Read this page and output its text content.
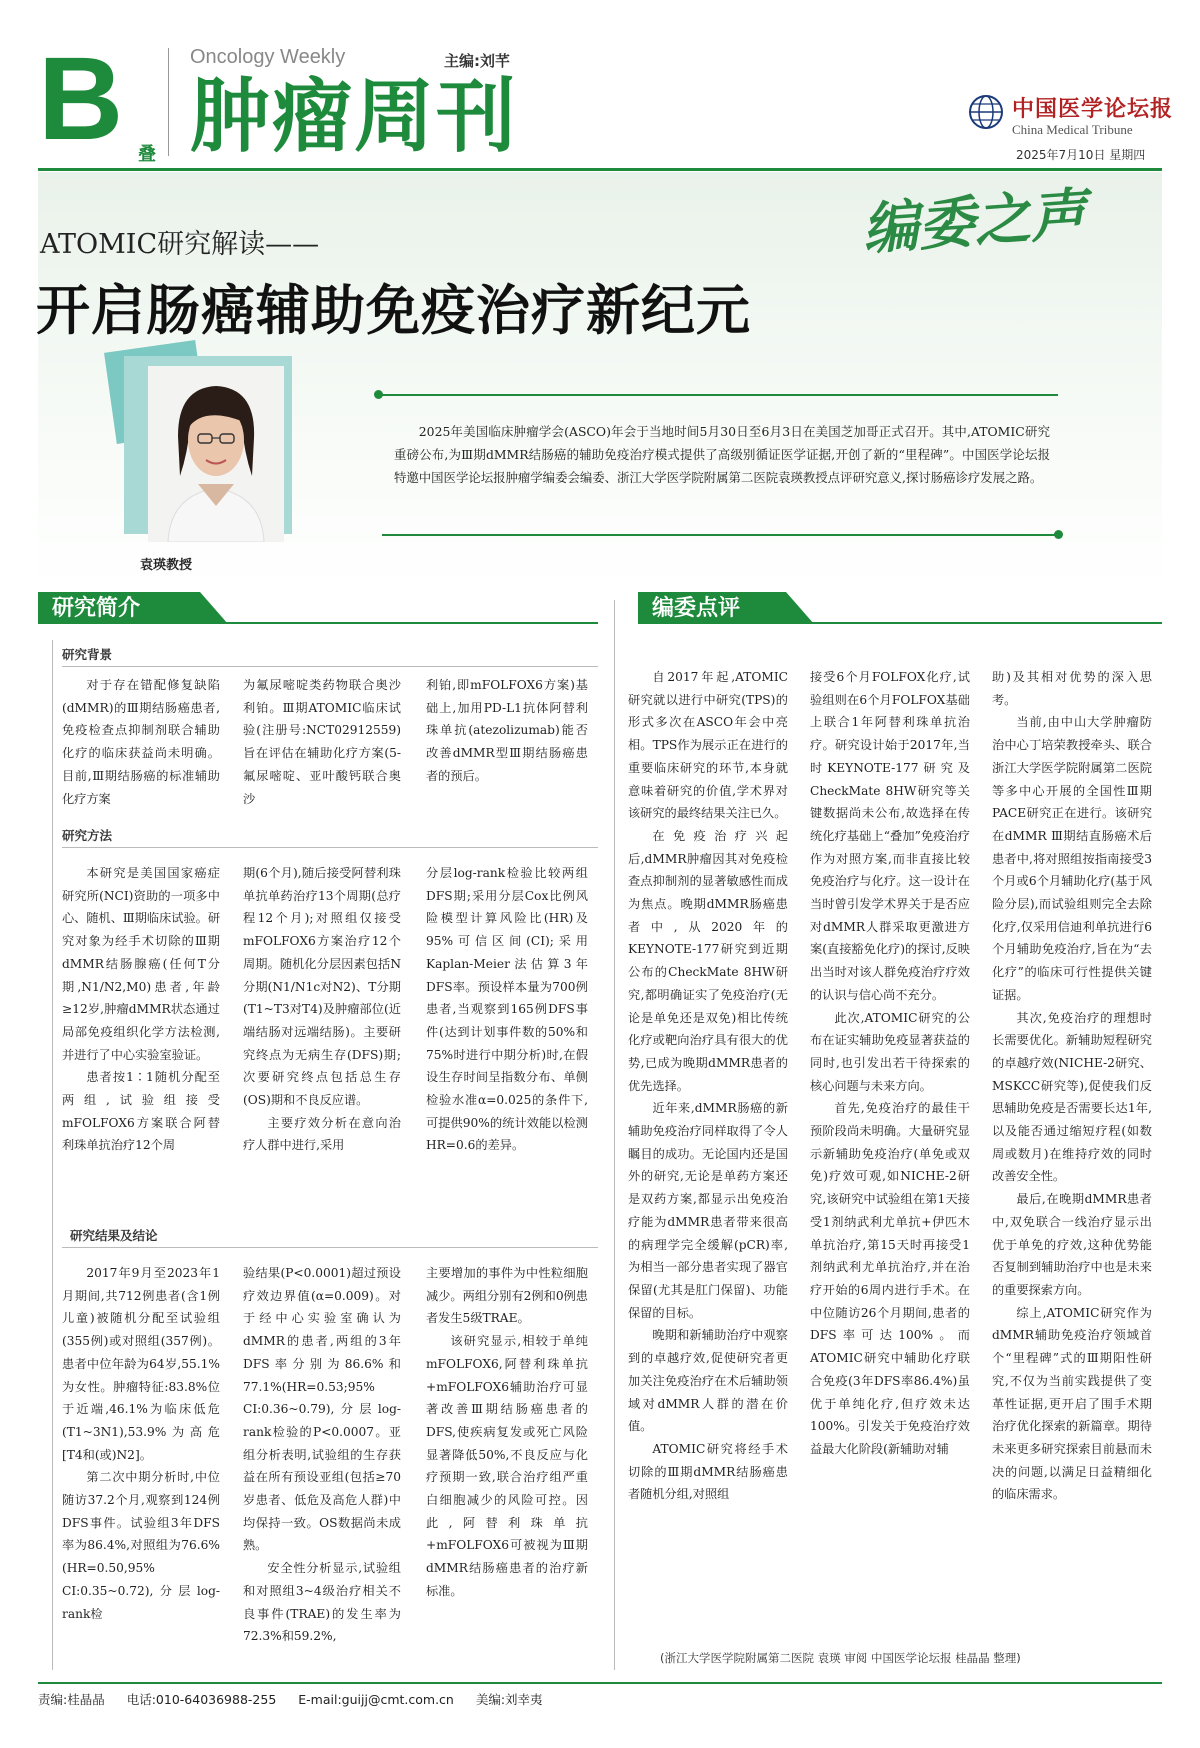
B 叠
Oncology Weekly
肿瘤周刊
主编:刘芊
中国医学论坛报
China Medical Tribune
2025年7月10日 星期四
编委之声
ATOMIC研究解读——
开启肠癌辅助免疫治疗新纪元
袁瑛教授
2025年美国临床肿瘤学会(ASCO)年会于当地时间5月30日至6月3日在美国芝加哥正式召开。其中,ATOMIC研究重磅公布,为Ⅲ期dMMR结肠癌的辅助免疫治疗模式提供了高级别循证医学证据,开创了新的“里程碑”。中国医学论坛报特邀中国医学论坛报肿瘤学编委会编委、浙江大学医学院附属第二医院袁瑛教授点评研究意义,探讨肠癌诊疗发展之路。
研究简介
研究背景

对于存在错配修复缺陷(dMMR)的Ⅲ期结肠癌患者,免疫检查点抑制剂联合辅助化疗的临床获益尚未明确。目前,Ⅲ期结肠癌的标准辅助化疗方案

为氟尿嘧啶类药物联合奥沙利铂。Ⅲ期ATOMIC临床试验(注册号:NCT02912559)旨在评估在辅助化疗方案(5-氟尿嘧啶、亚叶酸钙联合奥沙

利铂,即mFOLFOX6方案)基础上,加用PD-L1抗体阿替利珠单抗(atezolizumab)能否改善dMMR型Ⅲ期结肠癌患者的预后。

研究方法

本研究是美国国家癌症研究所(NCI)资助的一项多中心、随机、Ⅲ期临床试验。研究对象为经手术切除的Ⅲ期dMMR结肠腺癌(任何T分期,N1/N2,M0)患者,年龄≥12岁,肿瘤dMMR状态通过局部免疫组织化学方法检测,并进行了中心实验室验证。

患者按1∶1随机分配至两组,试验组接受mFOLFOX6方案联合阿替利珠单抗治疗12个周

期(6个月),随后接受阿替利珠单抗单药治疗13个周期(总疗程12个月);对照组仅接受mFOLFOX6方案治疗12个周期。随机化分层因素包括N分期(N1/N1c对N2)、T分期(T1~T3对T4)及肿瘤部位(近端结肠对远端结肠)。主要研究终点为无病生存(DFS)期;次要研究终点包括总生存(OS)期和不良反应谱。

主要疗效分析在意向治疗人群中进行,采用

分层log-rank检验比较两组DFS期;采用分层Cox比例风险模型计算风险比(HR)及95%可信区间(CI);采用Kaplan-Meier法估算3年DFS率。预设样本量为700例患者,当观察到165例DFS事件(达到计划事件数的50%和75%时进行中期分析)时,在假设生存时间呈指数分布、单侧检验水准α=0.025的条件下,可提供90%的统计效能以检测HR=0.6的差异。

研究结果及结论

2017年9月至2023年1月期间,共712例患者(含1例儿童)被随机分配至试验组(355例)或对照组(357例)。患者中位年龄为64岁,55.1%为女性。肿瘤特征:83.8%位于近端,46.1%为临床低危(T1~3N1),53.9%为高危[T4和(或)N2]。

第二次中期分析时,中位随访37.2个月,观察到124例DFS事件。试验组3年DFS率为86.4%,对照组为76.6%(HR=0.50,95% CI:0.35~0.72),分层log-rank检

验结果(P<0.0001)超过预设疗效边界值(α=0.009)。对于经中心实验室确认为dMMR的患者,两组的3年DFS率分别为86.6%和77.1%(HR=0.53;95% CI:0.36~0.79),分层log-rank检验的P<0.0007。亚组分析表明,试验组的生存获益在所有预设亚组(包括≥70岁患者、低危及高危人群)中均保持一致。OS数据尚未成熟。

安全性分析显示,试验组和对照组3~4级治疗相关不良事件(TRAE)的发生率为72.3%和59.2%,

主要增加的事件为中性粒细胞减少。两组分别有2例和0例患者发生5级TRAE。

该研究显示,相较于单纯mFOLFOX6,阿替利珠单抗+mFOLFOX6辅助治疗可显著改善Ⅲ期结肠癌患者的DFS,使疾病复发或死亡风险显著降低50%,不良反应与化疗预期一致,联合治疗组严重白细胞减少的风险可控。因此,阿替利珠单抗+mFOLFOX6可被视为Ⅲ期dMMR结肠癌患者的治疗新标准。

编委点评

自2017年起,ATOMIC研究就以进行中研究(TPS)的形式多次在ASCO年会中亮相。TPS作为展示正在进行的重要临床研究的环节,本身就意味着研究的价值,学术界对该研究的最终结果关注已久。

在免疫治疗兴起后,dMMR肿瘤因其对免疫检查点抑制剂的显著敏感性而成为焦点。晚期dMMR肠癌患者中,从2020年的KEYNOTE-177研究到近期公布的CheckMate 8HW研究,都明确证实了免疫治疗(无论是单免还是双免)相比传统化疗或靶向治疗具有很大的优势,已成为晚期dMMR患者的优先选择。

近年来,dMMR肠癌的新辅助免疫治疗同样取得了令人瞩目的成功。无论国内还是国外的研究,无论是单药方案还是双药方案,都显示出免疫治疗能为dMMR患者带来很高的病理学完全缓解(pCR)率,为相当一部分患者实现了器官保留(尤其是肛门保留)、功能保留的目标。

晚期和新辅助治疗中观察到的卓越疗效,促使研究者更加关注免疫治疗在术后辅助领域对dMMR人群的潜在价值。

ATOMIC研究将经手术切除的Ⅲ期dMMR结肠癌患者随机分组,对照组

接受6个月FOLFOX化疗,试验组则在6个月FOLFOX基础上联合1年阿替利珠单抗治疗。研究设计始于2017年,当时KEYNOTE-177研究及CheckMate 8HW研究等关键数据尚未公布,故选择在传统化疗基础上“叠加”免疫治疗作为对照方案,而非直接比较免疫治疗与化疗。这一设计在当时曾引发学术界关于是否应对dMMR人群采取更激进方案(直接豁免化疗)的探讨,反映出当时对该人群免疫治疗疗效的认识与信心尚不充分。

此次,ATOMIC研究的公布在证实辅助免疫显著获益的同时,也引发出若干待探索的核心问题与未来方向。

首先,免疫治疗的最佳干预阶段尚未明确。大量研究显示新辅助免疫治疗(单免或双免)疗效可观,如NICHE-2研究,该研究中试验组在第1天接受1剂纳武利尤单抗+伊匹木单抗治疗,第15天时再接受1剂纳武利尤单抗治疗,并在治疗开始的6周内进行手术。在中位随访26个月期间,患者的DFS率可达100%。而ATOMIC研究中辅助化疗联合免疫(3年DFS率86.4%)虽优于单纯化疗,但疗效未达100%。引发关于免疫治疗效益最大化阶段(新辅助对辅

助)及其相对优势的深入思考。

当前,由中山大学肿瘤防治中心丁培荣教授牵头、联合浙江大学医学院附属第二医院等多中心开展的全国性Ⅲ期PACE研究正在进行。该研究在dMMR Ⅲ期结直肠癌术后患者中,将对照组按指南接受3个月或6个月辅助化疗(基于风险分层),而试验组则完全去除化疗,仅采用信迪利单抗进行6个月辅助免疫治疗,旨在为“去化疗”的临床可行性提供关键证据。

其次,免疫治疗的理想时长需要优化。新辅助短程研究的卓越疗效(NICHE-2研究、MSKCC研究等),促使我们反思辅助免疫是否需要长达1年,以及能否通过缩短疗程(如数周或数月)在维持疗效的同时改善安全性。

最后,在晚期dMMR患者中,双免联合一线治疗显示出优于单免的疗效,这种优势能否复制到辅助治疗中也是未来的重要探索方向。

综上,ATOMIC研究作为dMMR辅助免疫治疗领域首个“里程碑”式的Ⅲ期阳性研究,不仅为当前实践提供了变革性证据,更开启了围手术期治疗优化探索的新篇章。期待未来更多研究探索目前悬而未决的问题,以满足日益精细化的临床需求。

(浙江大学医学院附属第二医院 袁瑛 审阅 中国医学论坛报 桂晶晶 整理)
责编:桂晶晶 电话:010-64036988-255 E-mail:guijj@cmt.com.cn 美编:刘幸夷
